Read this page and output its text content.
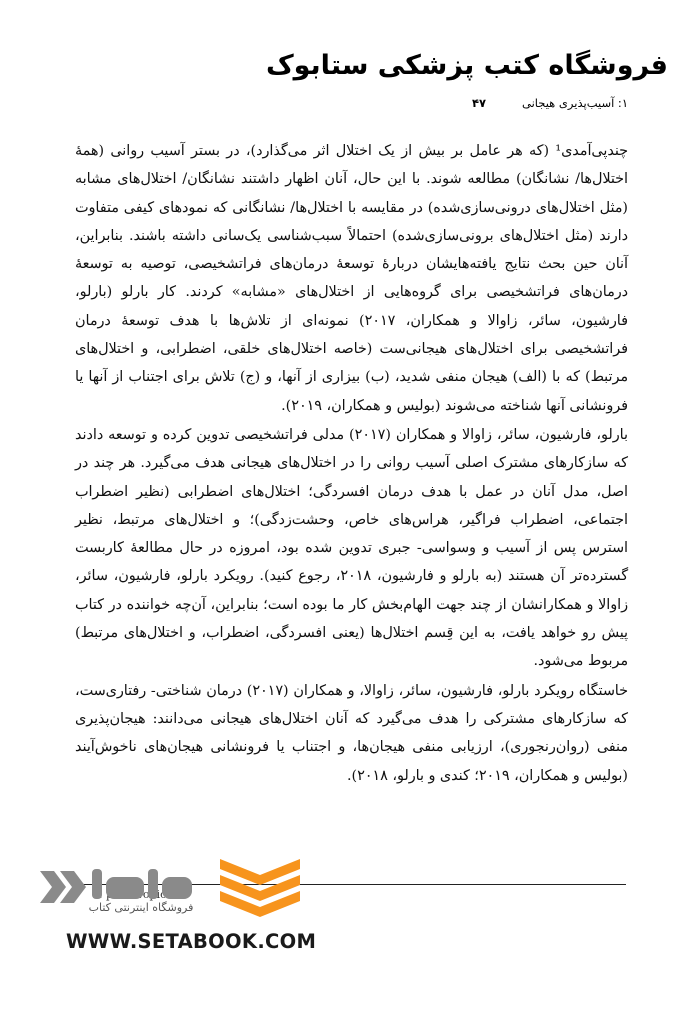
فروشگاه کتب پزشکی ستابوک
۱: آسیب‌پذیری هیجانی
۴۷

چندپی‌آمدی¹ (که هر عامل بر بیش از یک اختلال اثر می‌گذارد)، در بستر آسیب روانی (همهٔ اختلال‌ها/ نشانگان) مطالعه شوند. با این حال، آنان اظهار داشتند نشانگان/ اختلال‌های مشابه (مثل اختلال‌های درونی‌سازی‌شده) در مقایسه با اختلال‌ها/ نشانگانی که نمودهای کیفی متفاوت دارند (مثل اختلال‌های برونی‌سازی‌شده) احتمالاً سبب‌شناسی یک‌سانی داشته باشند. بنابراین، آنان حین بحث نتایج یافته‌هایشان دربارهٔ توسعهٔ درمان‌های فراتشخیصی، توصیه به توسعهٔ درمان‌های فراتشخیصی برای گروه‌هایی از اختلال‌های «مشابه» کردند. کار بارلو (بارلو، فارشیون، سائر، زاوالا و همکاران، ۲۰۱۷) نمونه‌ای از تلاش‌ها با هدف توسعهٔ درمان فراتشخیصی برای اختلال‌های هیجانی‌ست (خاصه اختلال‌های خلقی، اضطرابی، و اختلال‌های مرتبط) که با (الف) هیجان منفی شدید، (ب) بیزاری از آنها، و (ج) تلاش برای اجتناب از آنها یا فرونشانی آنها شناخته می‌شوند (بولیس و همکاران، ۲۰۱۹).

بارلو، فارشیون، سائر، زاوالا و همکاران (۲۰۱۷) مدلی فراتشخیصی تدوین کرده و توسعه دادند که سازکارهای مشترک اصلی آسیب روانی را در اختلال‌های هیجانی هدف می‌گیرد. هر چند در اصل، مدل آنان در عمل با هدف درمان افسردگی؛ اختلال‌های اضطرابی (نظیر اضطراب اجتماعی، اضطراب فراگیر، هراس‌های خاص، وحشت‌زدگی)؛ و اختلال‌های مرتبط، نظیر استرس پس از آسیب و وسواسی- جبری تدوین شده بود، امروزه در حال مطالعهٔ کاربست گسترده‌تر آن هستند (به بارلو و فارشیون، ۲۰۱۸، رجوع کنید). رویکرد بارلو، فارشیون، سائر، زاوالا و همکارانشان از چند جهت الهام‌بخش کار ما بوده است؛ بنابراین، آن‌چه خواننده در کتاب پیش رو خواهد یافت، به این قِسم اختلال‌ها (یعنی افسردگی، اضطراب، و اختلال‌های مرتبط) مربوط می‌شود.

خاستگاه رویکرد بارلو، فارشیون، سائر، زاوالا، و همکاران (۲۰۱۷) درمان شناختی- رفتاری‌ست، که سازکارهای مشترکی را هدف می‌گیرد که آنان اختلال‌های هیجانی می‌دانند: هیجان‌پذیری منفی (روان‌رنجوری)، ارزیابی منفی هیجان‌ها، و اجتناب یا فرونشانی هیجان‌های ناخوش‌آیند (بولیس و همکاران، ۲۰۱۹؛ کندی و بارلو، ۲۰۱۸).

فروشگاه اینترنتی کتاب
WWW.SETABOOK.COM
